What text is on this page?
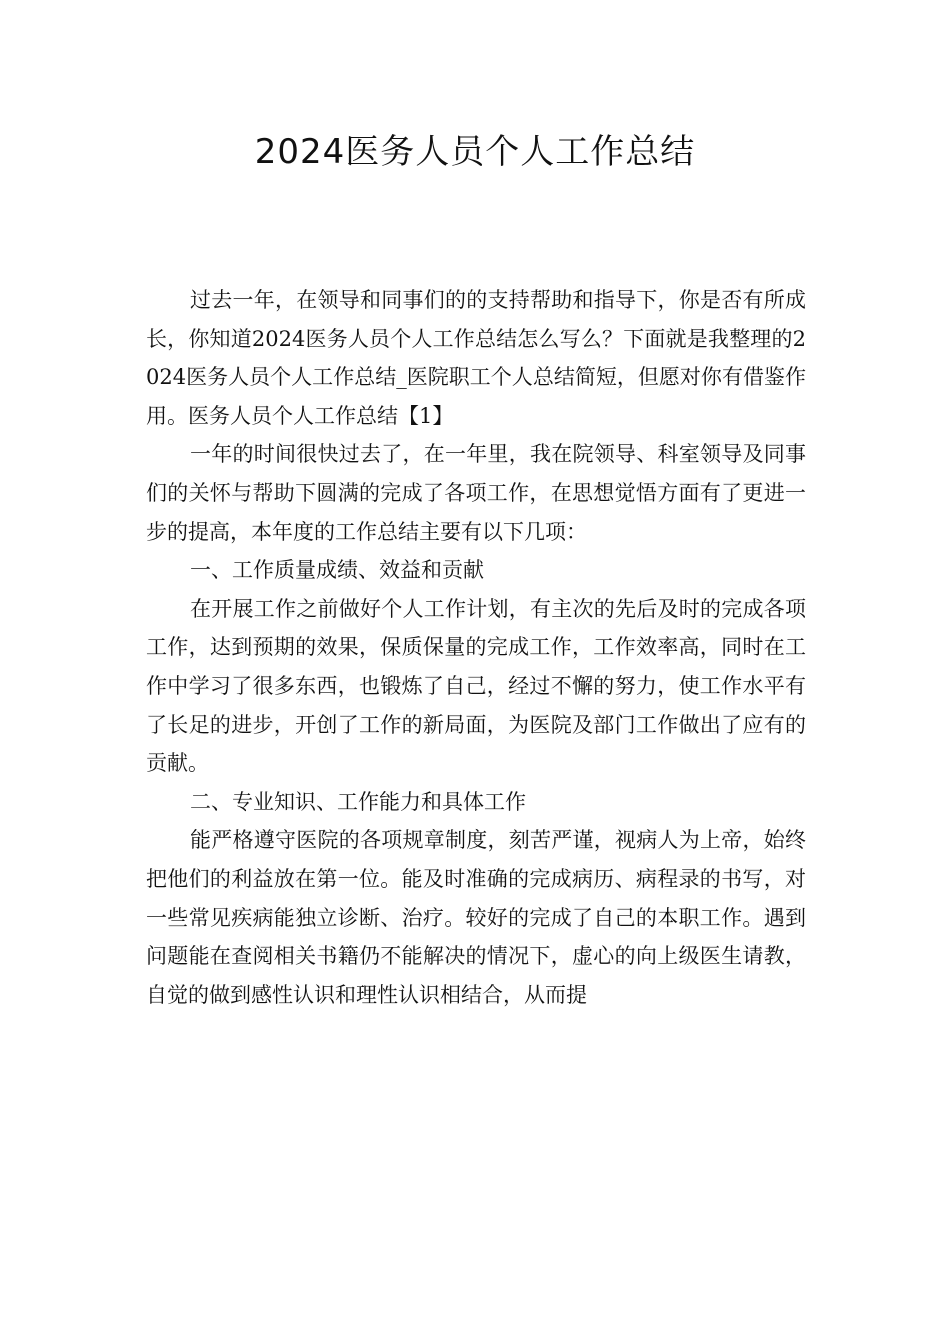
2024医务人员个人工作总结

过去一年，在领导和同事们的的支持帮助和指导下，你是否有所成长，你知道2024医务人员个人工作总结怎么写么？下面就是我整理的2024医务人员个人工作总结_医院职工个人总结简短，但愿对你有借鉴作用。医务人员个人工作总结【1】

一年的时间很快过去了，在一年里，我在院领导、科室领导及同事们的关怀与帮助下圆满的完成了各项工作，在思想觉悟方面有了更进一步的提高，本年度的工作总结主要有以下几项：

一、工作质量成绩、效益和贡献

在开展工作之前做好个人工作计划，有主次的先后及时的完成各项工作，达到预期的效果，保质保量的完成工作，工作效率高，同时在工作中学习了很多东西，也锻炼了自己，经过不懈的努力，使工作水平有了长足的进步，开创了工作的新局面，为医院及部门工作做出了应有的贡献。

二、专业知识、工作能力和具体工作

能严格遵守医院的各项规章制度，刻苦严谨，视病人为上帝，始终把他们的利益放在第一位。能及时准确的完成病历、病程录的书写，对一些常见疾病能独立诊断、治疗。较好的完成了自己的本职工作。遇到问题能在查阅相关书籍仍不能解决的情况下，虚心的向上级医生请教，自觉的做到感性认识和理性认识相结合，从而提
